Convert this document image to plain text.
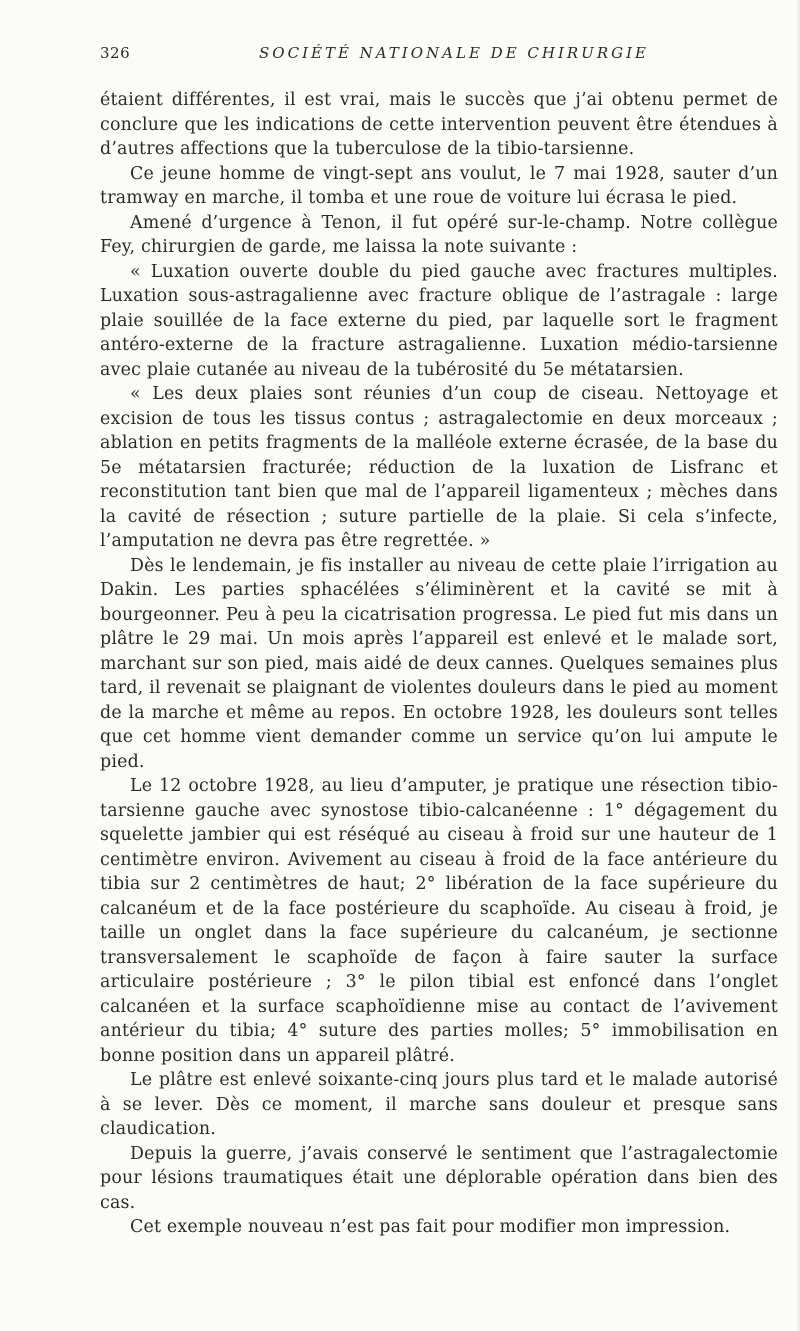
326	SOCIÉTÉ NATIONALE DE CHIRURGIE

étaient différentes, il est vrai, mais le succès que j’ai obtenu permet de conclure que les indications de cette intervention peuvent être étendues à d’autres affections que la tuberculose de la tibio-tarsienne.

Ce jeune homme de vingt-sept ans voulut, le 7 mai 1928, sauter d’un tramway en marche, il tomba et une roue de voiture lui écrasa le pied.

Amené d’urgence à Tenon, il fut opéré sur-le-champ. Notre collègue Fey, chirurgien de garde, me laissa la note suivante :

« Luxation ouverte double du pied gauche avec fractures multiples. Luxation sous-astragalienne avec fracture oblique de l’astragale : large plaie souillée de la face externe du pied, par laquelle sort le fragment antéro-externe de la fracture astragalienne. Luxation médio-tarsienne avec plaie cutanée au niveau de la tubérosité du 5e métatarsien.

« Les deux plaies sont réunies d’un coup de ciseau. Nettoyage et excision de tous les tissus contus ; astragalectomie en deux morceaux ; ablation en petits fragments de la malléole externe écrasée, de la base du 5e métatarsien fracturée; réduction de la luxation de Lisfranc et reconstitution tant bien que mal de l’appareil ligamenteux ; mèches dans la cavité de résection ; suture partielle de la plaie. Si cela s’infecte, l’amputation ne devra pas être regrettée. »

Dès le lendemain, je fis installer au niveau de cette plaie l’irrigation au Dakin. Les parties sphacélées s’éliminèrent et la cavité se mit à bourgeonner. Peu à peu la cicatrisation progressa. Le pied fut mis dans un plâtre le 29 mai. Un mois après l’appareil est enlevé et le malade sort, marchant sur son pied, mais aidé de deux cannes. Quelques semaines plus tard, il revenait se plaignant de violentes douleurs dans le pied au moment de la marche et même au repos. En octobre 1928, les douleurs sont telles que cet homme vient demander comme un service qu’on lui ampute le pied.

Le 12 octobre 1928, au lieu d’amputer, je pratique une résection tibio-tarsienne gauche avec synostose tibio-calcanéenne : 1° dégagement du squelette jambier qui est réséqué au ciseau à froid sur une hauteur de 1 centimètre environ. Avivement au ciseau à froid de la face antérieure du tibia sur 2 centimètres de haut; 2° libération de la face supérieure du calcanéum et de la face postérieure du scaphoïde. Au ciseau à froid, je taille un onglet dans la face supérieure du calcanéum, je sectionne transversalement le scaphoïde de façon à faire sauter la surface articulaire postérieure ; 3° le pilon tibial est enfoncé dans l’onglet calcanéen et la surface scaphoïdienne mise au contact de l’avivement antérieur du tibia; 4° suture des parties molles; 5° immobilisation en bonne position dans un appareil plâtré.

Le plâtre est enlevé soixante-cinq jours plus tard et le malade autorisé à se lever. Dès ce moment, il marche sans douleur et presque sans claudication.

Depuis la guerre, j’avais conservé le sentiment que l’astragalectomie pour lésions traumatiques était une déplorable opération dans bien des cas.

Cet exemple nouveau n’est pas fait pour modifier mon impression.
